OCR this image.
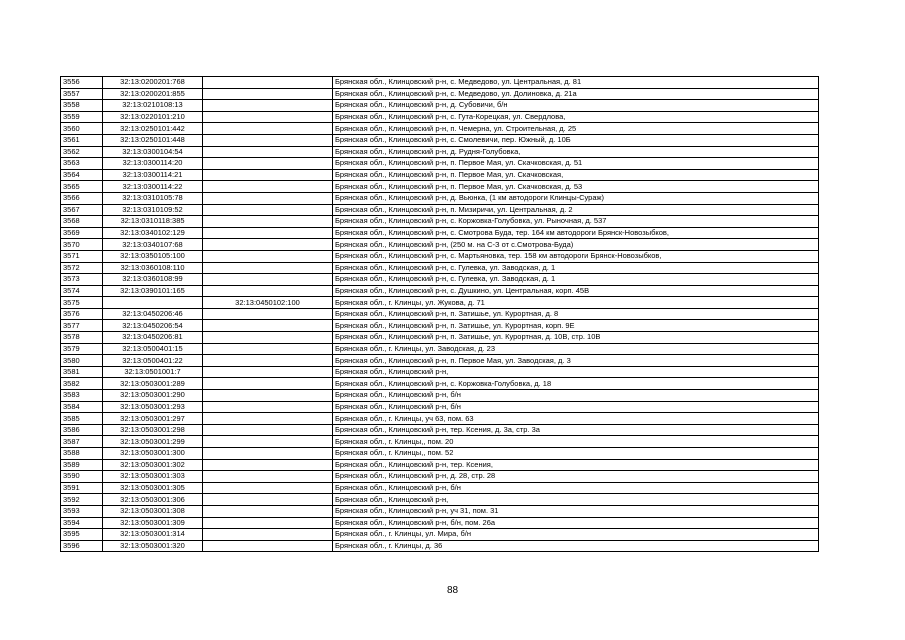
3556	32:13:0200201:768		Брянская обл., Клинцовский р-н, с. Медведово, ул. Центральная, д. 81
3557	32:13:0200201:855		Брянская обл., Клинцовский р-н, с. Медведово, ул. Долиновка, д. 21а
3558	32:13:0210108:13		Брянская обл., Клинцовский р-н, д. Субовичи, б/н
3559	32:13:0220101:210		Брянская обл., Клинцовский р-н, с. Гута-Корецкая, ул. Свердлова,
3560	32:13:0250101:442		Брянская обл., Клинцовский р-н, п. Чемерна, ул. Строительная, д. 25
3561	32:13:0250101:448		Брянская обл., Клинцовский р-н, с. Смолевичи, пер. Южный, д. 10Б
3562	32:13:0300104:54		Брянская обл., Клинцовский р-н, д. Рудня-Голубовка,
3563	32:13:0300114:20		Брянская обл., Клинцовский р-н, п. Первое Мая, ул. Скачковская, д. 51
3564	32:13:0300114:21		Брянская обл., Клинцовский р-н, п. Первое Мая, ул. Скачковская,
3565	32:13:0300114:22		Брянская обл., Клинцовский р-н, п. Первое Мая, ул. Скачковская, д. 53
3566	32:13:0310105:78		Брянская обл., Клинцовский р-н, д. Вьюнка, (1 км автодороги Клинцы-Сураж)
3567	32:13:0310109:52		Брянская обл., Клинцовский р-н, п. Мизиричи, ул. Центральная, д. 2
3568	32:13:0310118:385		Брянская обл., Клинцовский р-н, с. Коржовка-Голубовка, ул. Рыночная, д. 537
3569	32:13:0340102:129		Брянская обл., Клинцовский р-н, с. Смотрова Буда, тер. 164 км автодороги Брянск-Новозыбков,
3570	32:13:0340107:68		Брянская обл., Клинцовский р-н, (250 м. на С-З от с.Смотрова-Буда)
3571	32:13:0350105:100		Брянская обл., Клинцовский р-н, с. Мартьяновка, тер. 158 км автодороги Брянск-Новозыбков,
3572	32:13:0360108:110		Брянская обл., Клинцовский р-н, с. Гулевка, ул. Заводская, д. 1
3573	32:13:0360108:99		Брянская обл., Клинцовский р-н, с. Гулевка, ул. Заводская, д. 1
3574	32:13:0390101:165		Брянская обл., Клинцовский р-н, с. Душкино, ул. Центральная, корп. 45В
3575		32:13:0450102:100	Брянская обл., г. Клинцы, ул. Жукова, д. 71
3576	32:13:0450206:46		Брянская обл., Клинцовский р-н, п. Затишье, ул. Курортная, д. 8
3577	32:13:0450206:54		Брянская обл., Клинцовский р-н, п. Затишье, ул. Курортная, корп. 9Е
3578	32:13:0450206:81		Брянская обл., Клинцовский р-н, п. Затишье, ул. Курортная, д. 10В, стр. 10В
3579	32:13:0500401:15		Брянская обл., г. Клинцы, ул. Заводская, д. 23
3580	32:13:0500401:22		Брянская обл., Клинцовский р-н, п. Первое Мая, ул. Заводская, д. 3
3581	32:13:0501001:7		Брянская обл., Клинцовский р-н,
3582	32:13:0503001:289		Брянская обл., Клинцовский р-н, с. Коржовка-Голубовка, д. 18
3583	32:13:0503001:290		Брянская обл., Клинцовский р-н, б/н
3584	32:13:0503001:293		Брянская обл., Клинцовский р-н, б/н
3585	32:13:0503001:297		Брянская обл., г. Клинцы, уч 63, пом. 63
3586	32:13:0503001:298		Брянская обл., Клинцовский р-н, тер. Ксения, д. 3а, стр. 3а
3587	32:13:0503001:299		Брянская обл., г. Клинцы,, пом. 20
3588	32:13:0503001:300		Брянская обл., г. Клинцы,, пом. 52
3589	32:13:0503001:302		Брянская обл., Клинцовский р-н, тер. Ксения,
3590	32:13:0503001:303		Брянская обл., Клинцовский р-н, д. 28, стр. 28
3591	32:13:0503001:305		Брянская обл., Клинцовский р-н, б/н
3592	32:13:0503001:306		Брянская обл., Клинцовский р-н,
3593	32:13:0503001:308		Брянская обл., Клинцовский р-н, уч 31, пом. 31
3594	32:13:0503001:309		Брянская обл., Клинцовский р-н, б/н, пом. 26а
3595	32:13:0503001:314		Брянская обл., г. Клинцы, ул. Мира, б/н
3596	32:13:0503001:320		Брянская обл., г. Клинцы, д. 36
88
